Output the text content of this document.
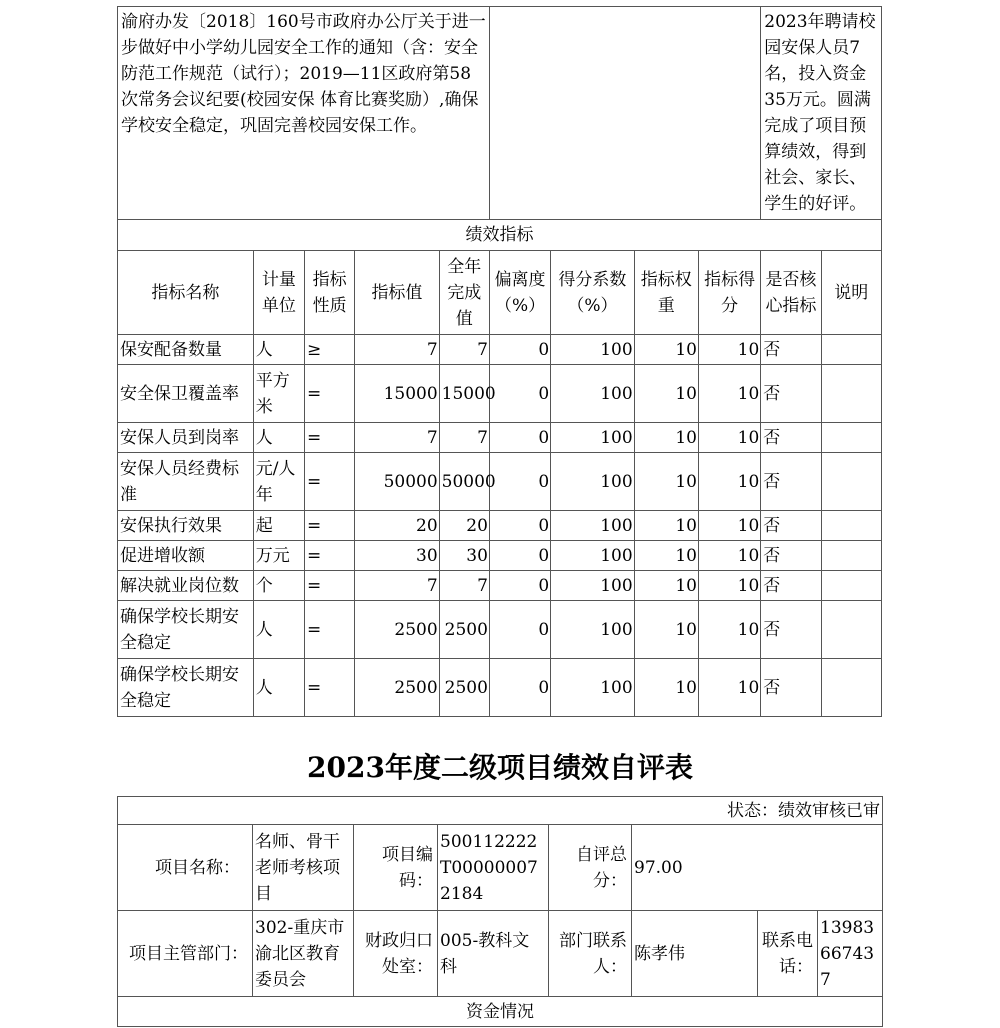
渝府办发〔2018〕160号市政府办公厅关于进一步做好中小学幼儿园安全工作的通知（含：安全防范工作规范（试行）；2019—11区政府第58次常务会议纪要(校园安保 体育比赛奖励）,确保学校安全稳定，巩固完善校园安保工作。									2023年聘请校园安保人员7名，投入资金35万元。圆满完成了项目预算绩效，得到社会、家长、学生的好评。	
绩效指标										
指标名称	计量单位	指标性质	指标值	全年完成值	偏离度（%）	得分系数（%）	指标权重	指标得分	是否核心指标	说明
保安配备数量	人	≥	7	7	0	100	10	10	否	
安全保卫覆盖率	平方米	=	15000	15000	0	100	10	10	否	
安保人员到岗率	人	=	7	7	0	100	10	10	否	
安保人员经费标准	元/人年	=	50000	50000	0	100	10	10	否	
安保执行效果	起	=	20	20	0	100	10	10	否	
促进增收额	万元	=	30	30	0	100	10	10	否	
解决就业岗位数	个	=	7	7	0	100	10	10	否	
确保学校长期安全稳定	人	=	2500	2500	0	100	10	10	否	
确保学校长期安全稳定	人	=	2500	2500	0	100	10	10	否	
2023年度二级项目绩效自评表
状态：绩效审核已审							
项目名称：	名师、骨干老师考核项目	项目编码：	500112222T000000072184	自评总分：	97.00		
项目主管部门：	302-重庆市渝北区教育委员会	财政归口处室：	005-教科文科	部门联系人：	陈孝伟	联系电话：	13983667437
资金情况							
